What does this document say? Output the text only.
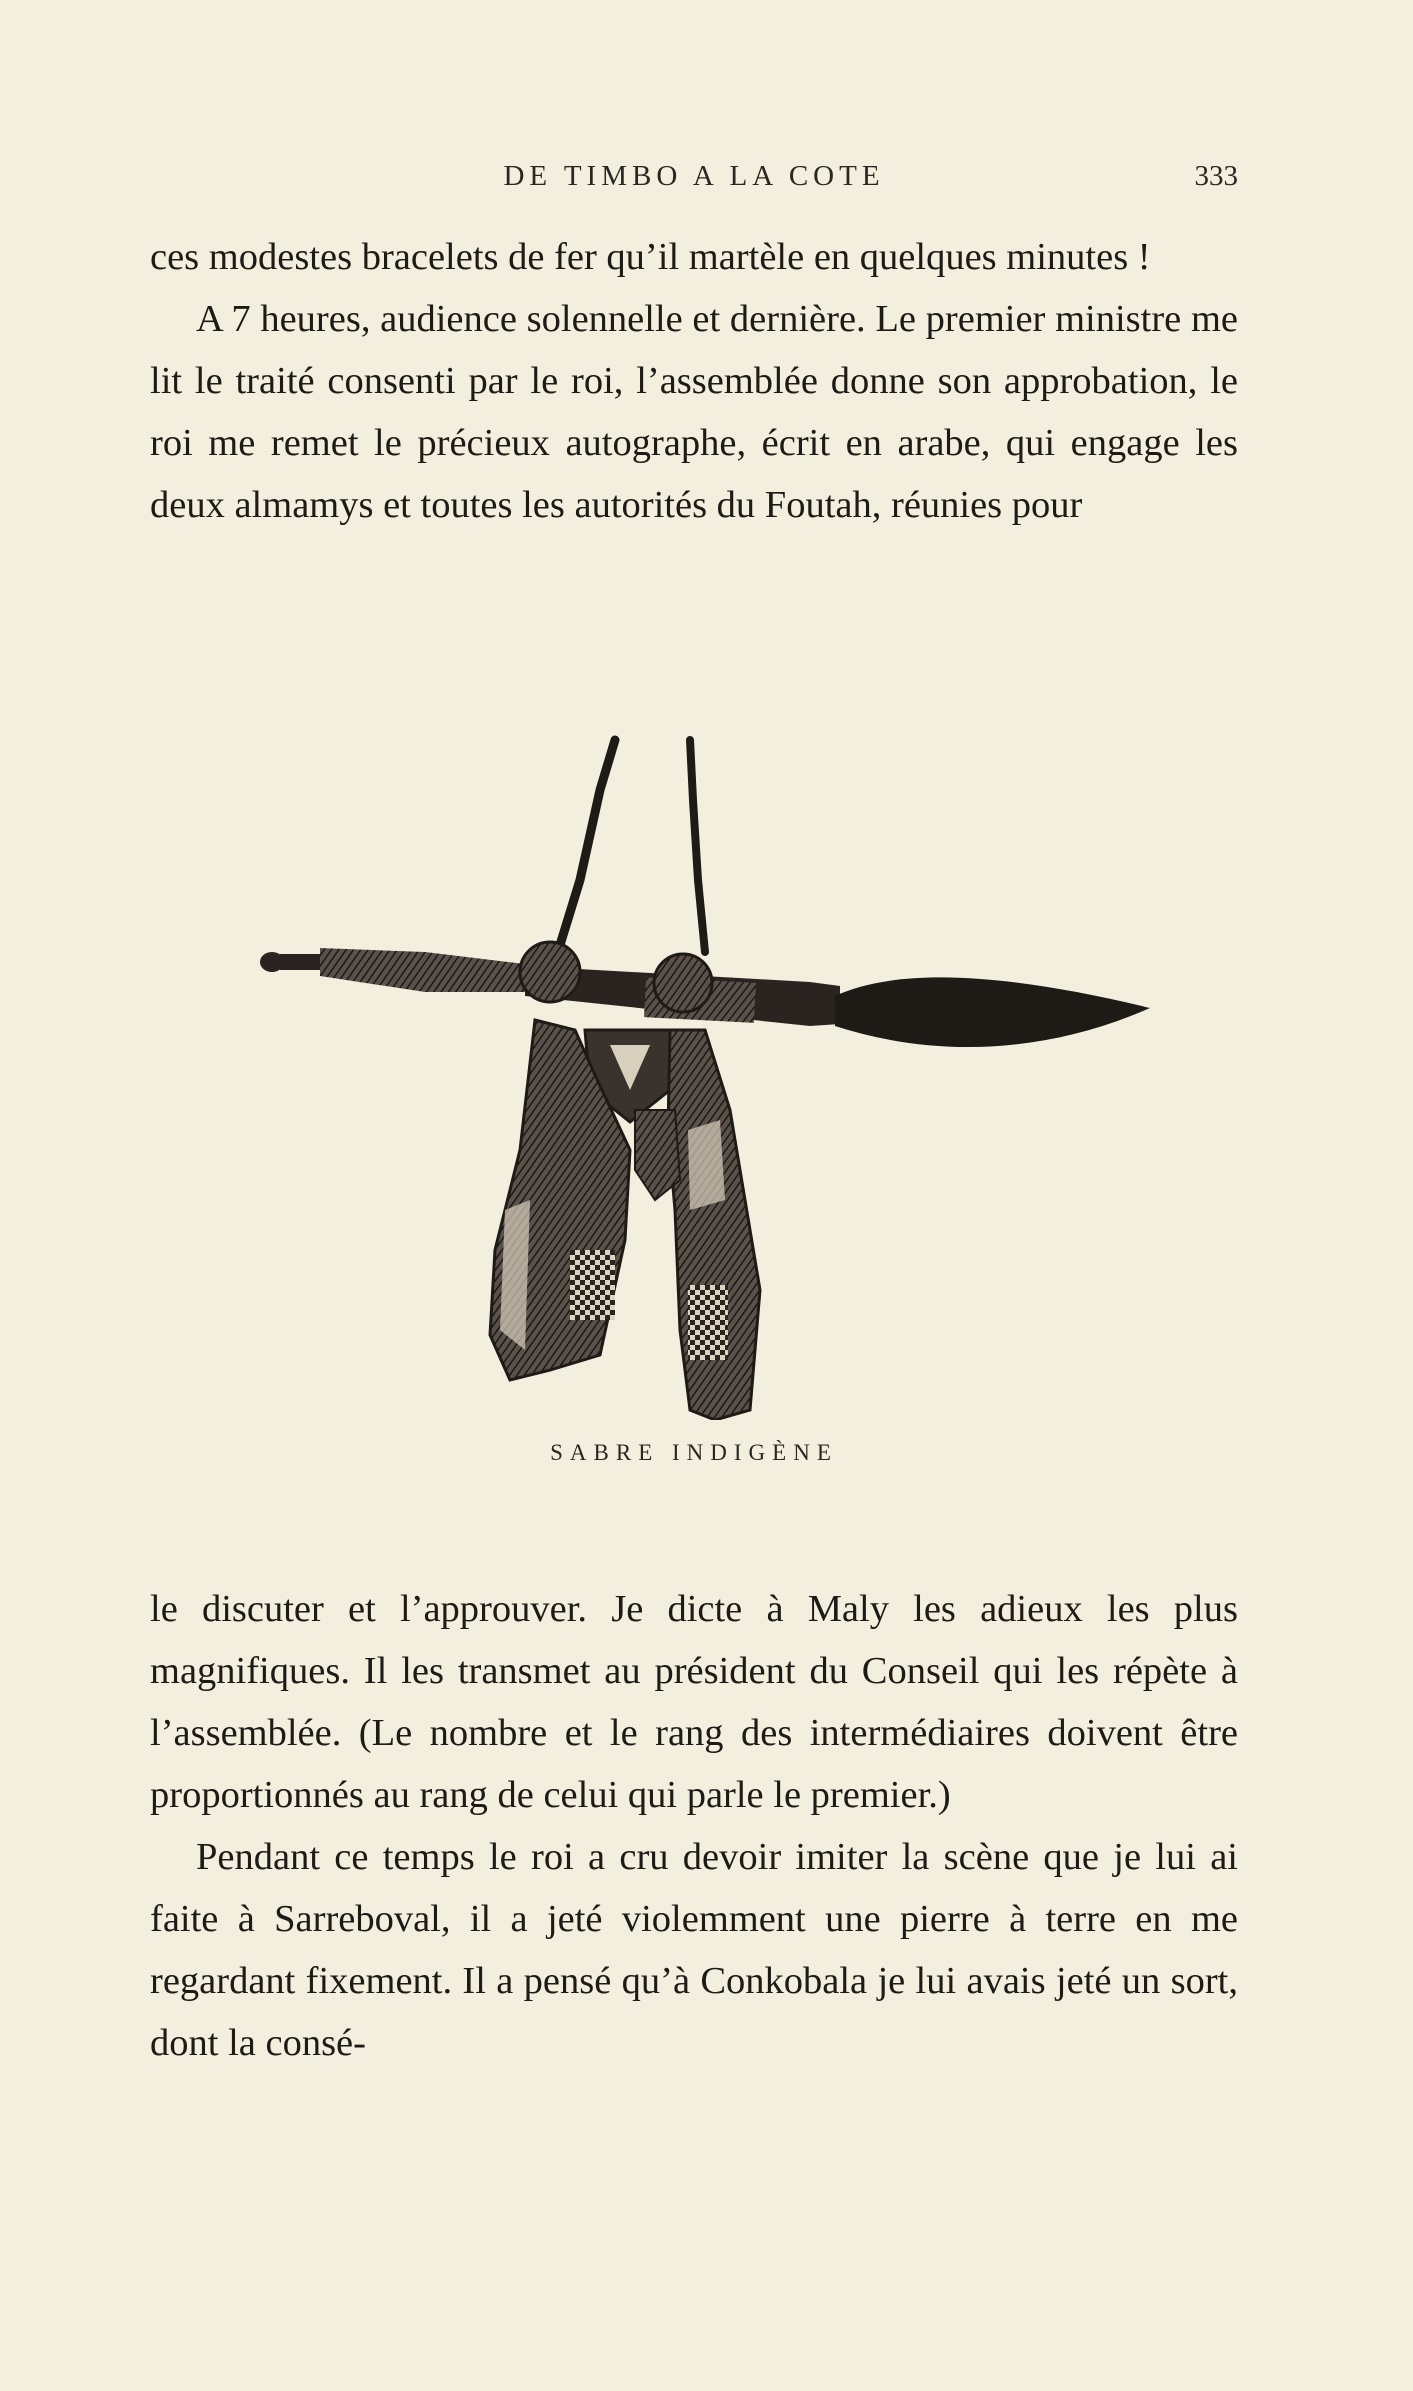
DE TIMBO A LA COTE	333

ces modestes bracelets de fer qu’il martèle en quelques minutes !

A 7 heures, audience solennelle et dernière. Le premier ministre me lit le traité consenti par le roi, l’assemblée donne son approbation, le roi me remet le précieux autographe, écrit en arabe, qui engage les deux almamys et toutes les autorités du Foutah, réunies pour

SABRE INDIGÈNE

le discuter et l’approuver. Je dicte à Maly les adieux les plus magnifiques. Il les transmet au président du Conseil qui les répète à l’assemblée. (Le nombre et le rang des intermédiaires doivent être proportionnés au rang de celui qui parle le premier.)

Pendant ce temps le roi a cru devoir imiter la scène que je lui ai faite à Sarreboval, il a jeté violemment une pierre à terre en me regardant fixement. Il a pensé qu’à Conkobala je lui avais jeté un sort, dont la consé-
